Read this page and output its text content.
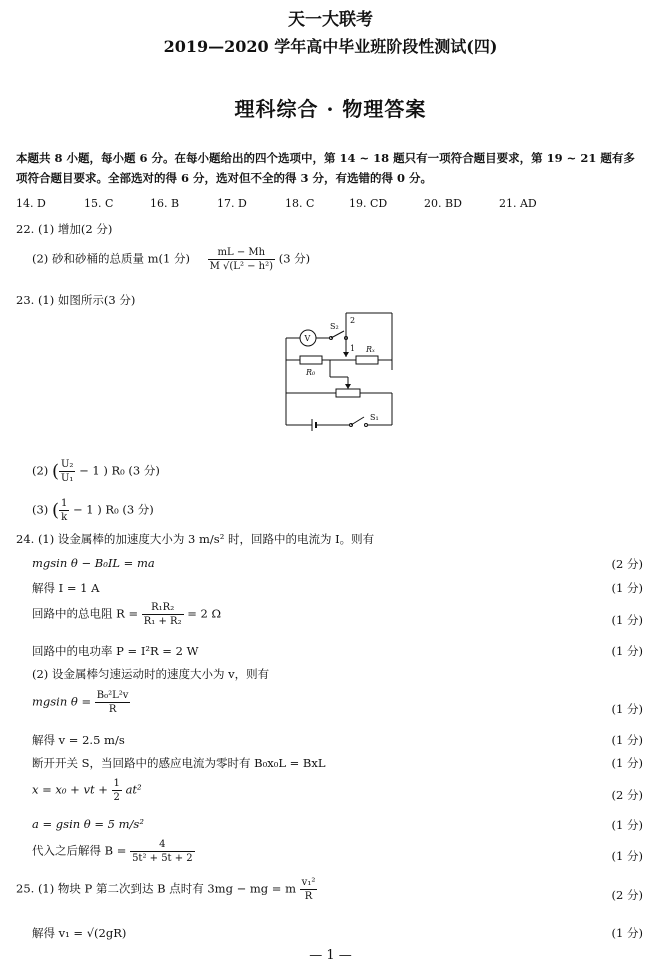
天一大联考
2019—2020 学年高中毕业班阶段性测试(四)
理科综合 · 物理答案
本题共 8 小题，每小题 6 分。在每小题给出的四个选项中，第 14 ~ 18 题只有一项符合题目要求，第 19 ~ 21 题有多项符合题目要求。全部选对的得 6 分，选对但不全的得 3 分，有选错的得 0 分。
14. D	15. C	16. B	17. D	18. C	19. CD	20. BD	21. AD
22. (1) 增加(2 分)
(2) 砂和砂桶的总质量 m(1 分) $\frac{mL - Mh}{\text{M √(L² − h²)}} (3$ 分)
23. (1) 如图所示(3 分)
V
S₂
2
1 Rₓ
R₀
S₁
(2) ( $\frac{\text{U₂}}{\text{U₁}} - 1$ ) R₀ (3 分)
(3) ( $\frac{1}{k} - 1$ ) R₀ (3 分)
24. (1) 设金属棒的加速度大小为 3 m/s² 时，回路中的电流为 I。则有
mgsin θ − B₀IL = ma	(2 分)
解得 I = 1 A	(1 分)
回路中的总电阻 $R = \frac{\text{R₁R₂}}{\text{R₁ + R₂}} = 2$ Ω	(1 分)
回路中的电功率 P = I²R = 2 W	(1 分)
(2) 设金属棒匀速运动时的速度大小为 v，则有
mgsin $\theta = \frac{\text{B₀²L²v}}{R}$	(1 分)
解得 v = 2.5 m/s	(1 分)
断开开关 S，当回路中的感应电流为零时有 B₀x₀L = BxL	(1 分)
x = x₀ + vt + $\frac{1}{2} at^2$	(2 分)
a = gsin θ = 5 m/s²	(1 分)
代入之后解得 $B = \frac{4}{\text{5t² + 5t + 2}}$	(1 分)
25. (1) 物块 P 第二次到达 B 点时有 3mg − mg = m $\frac{\text{v₁²}}{R}$	(2 分)
解得 v₁ = √(2gR)	(1 分)
— 1 —
